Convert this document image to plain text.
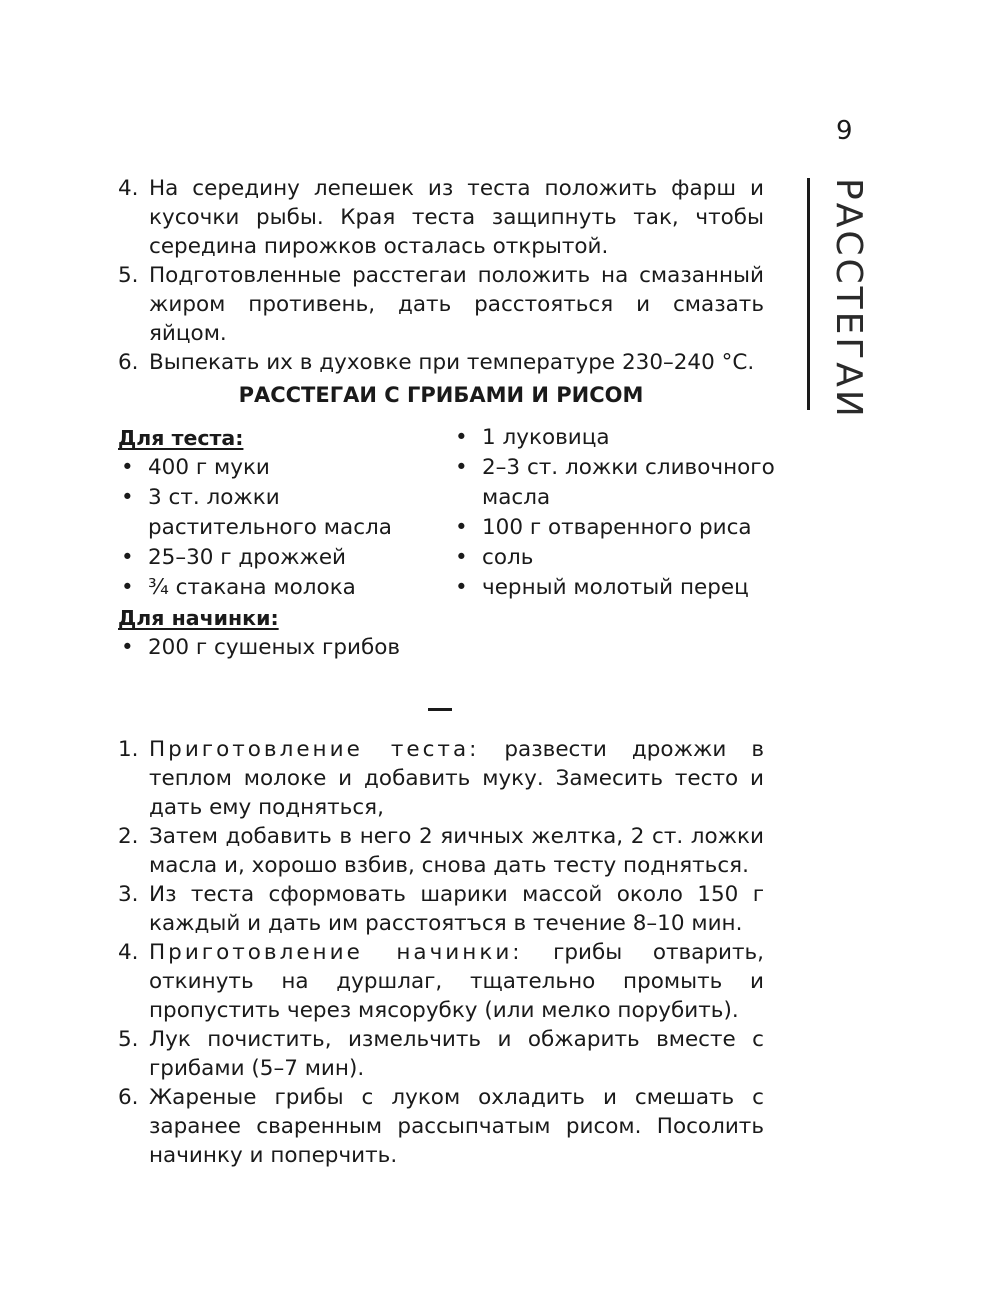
9
РАССТЕГАИ
4. На середину лепешек из теста положить фарш и кусочки рыбы. Края теста защипнуть так, чтобы середина пирожков осталась открытой.
5. Подготовленные расстегаи положить на смазанный жиром противень, дать расстояться и смазать яйцом.
6. Выпекать их в духовке при температуре 230–240 °C.
РАССТЕГАИ С ГРИБАМИ И РИСОМ
Для теста:
• 400 г муки
• 3 ст. ложки растительного масла
• 25–30 г дрожжей
• ¾ стакана молока
Для начинки:
• 200 г сушеных грибов
• 1 луковица
• 2–3 ст. ложки сливочного масла
• 100 г отваренного риса
• соль
• черный молотый перец
1. Приготовление теста: развести дрожжи в теплом молоке и добавить муку. Замесить тесто и дать ему подняться,
2. Затем добавить в него 2 яичных желтка, 2 ст. ложки масла и, хорошо взбив, снова дать тесту подняться.
3. Из теста сформовать шарики массой около 150 г каждый и дать им расстоятъся в течение 8–10 мин.
4. Приготовление начинки: грибы отварить, откинуть на дуршлаг, тщательно промыть и пропустить через мясорубку (или мелко порубить).
5. Лук почистить, измельчить и обжарить вместе с грибами (5–7 мин).
6. Жареные грибы с луком охладить и смешать с заранее сваренным рассыпчатым рисом. Посолить начинку и поперчить.
